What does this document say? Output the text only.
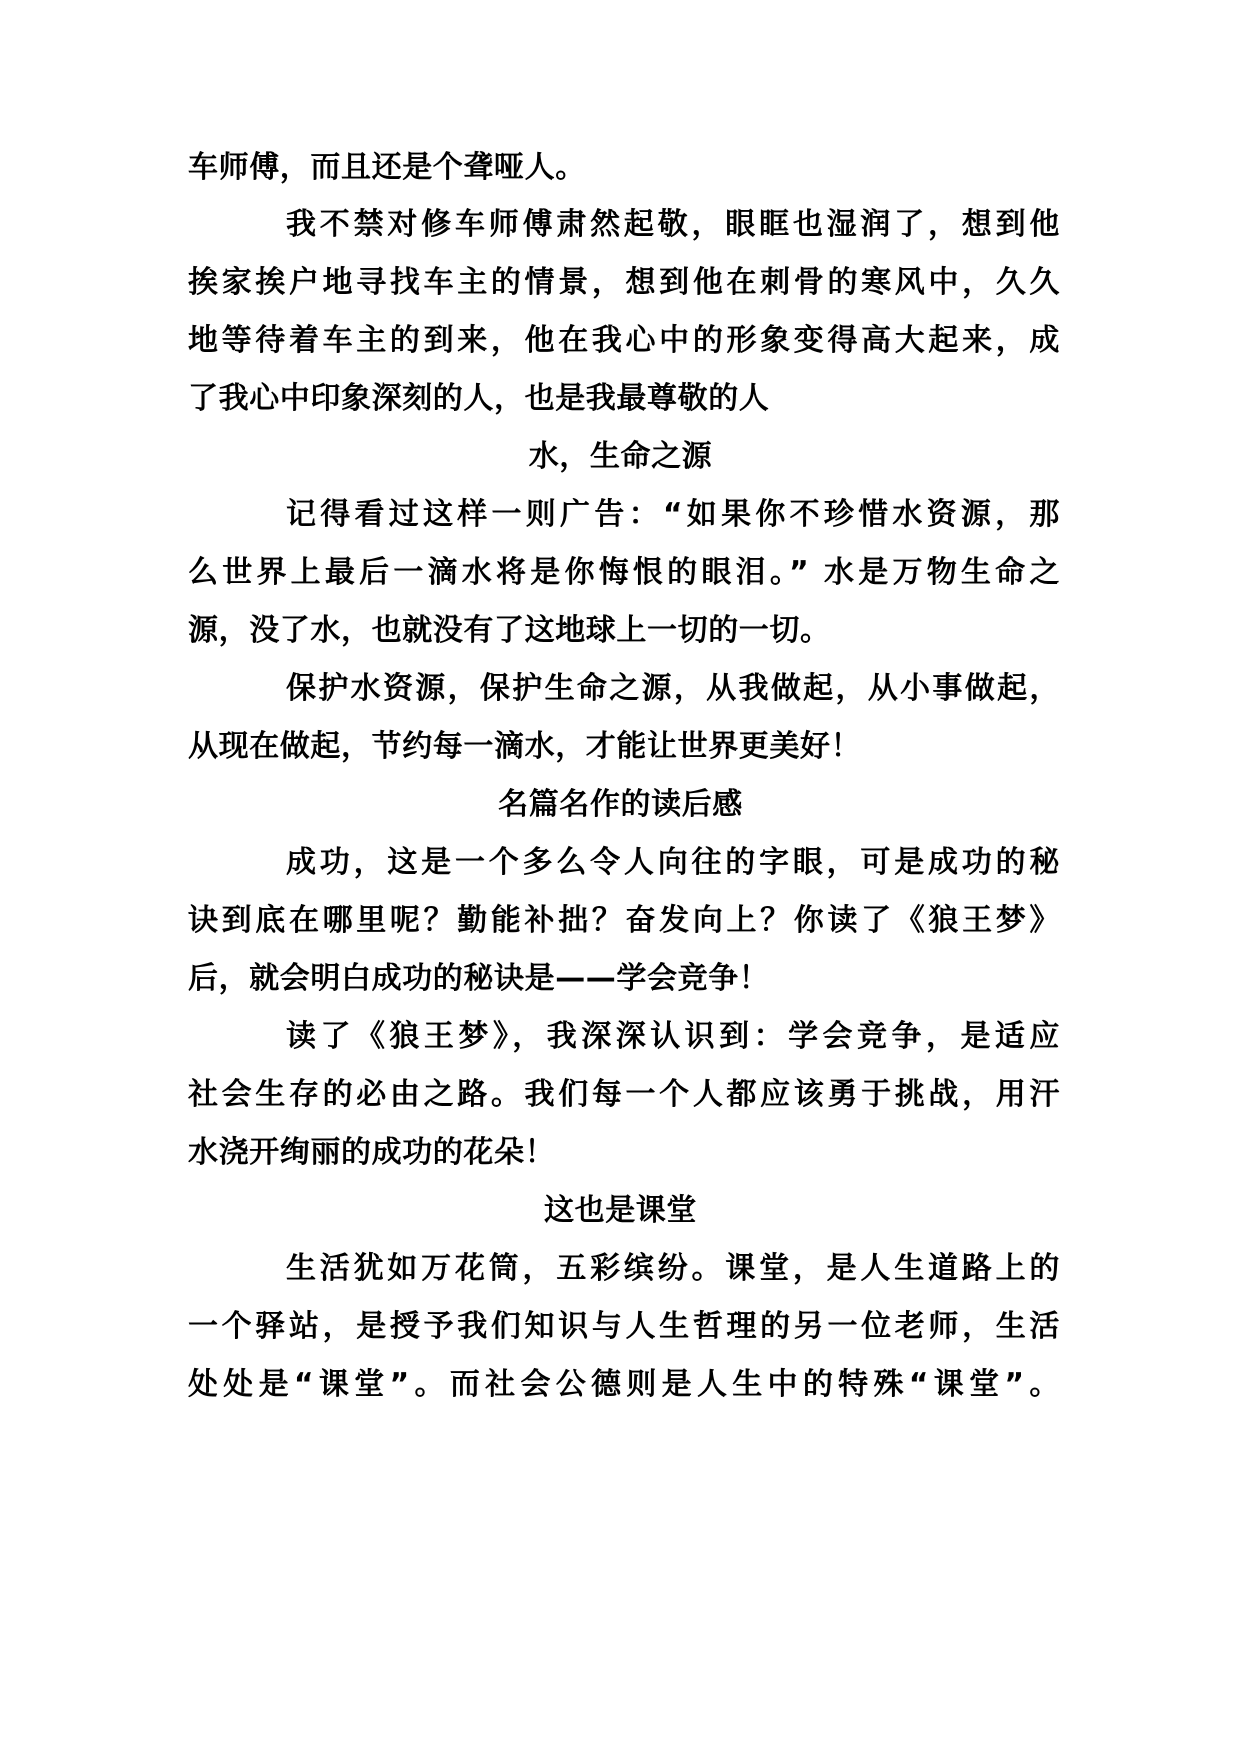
车师傅，而且还是个聋哑人。
我不禁对修车师傅肃然起敬，眼眶也湿润了，想到他
挨家挨户地寻找车主的情景，想到他在刺骨的寒风中，久久
地等待着车主的到来，他在我心中的形象变得高大起来，成
了我心中印象深刻的人，也是我最尊敬的人
水，生命之源
记得看过这样一则广告：“如果你不珍惜水资源，那
么世界上最后一滴水将是你悔恨的眼泪。” 水是万物生命之
源，没了水，也就没有了这地球上一切的一切。
保护水资源，保护生命之源，从我做起，从小事做起，
从现在做起，节约每一滴水，才能让世界更美好！
名篇名作的读后感
成功，这是一个多么令人向往的字眼，可是成功的秘
诀到底在哪里呢？勤能补拙？奋发向上？你读了《狼王梦》
后，就会明白成功的秘诀是——学会竞争！
读了《狼王梦》，我深深认识到：学会竞争，是适应
社会生存的必由之路。我们每一个人都应该勇于挑战，用汗
水浇开绚丽的成功的花朵！
这也是课堂
生活犹如万花筒，五彩缤纷。课堂，是人生道路上的
一个驿站，是授予我们知识与人生哲理的另一位老师，生活
处处是“课堂”。而社会公德则是人生中的特殊“课堂”。
